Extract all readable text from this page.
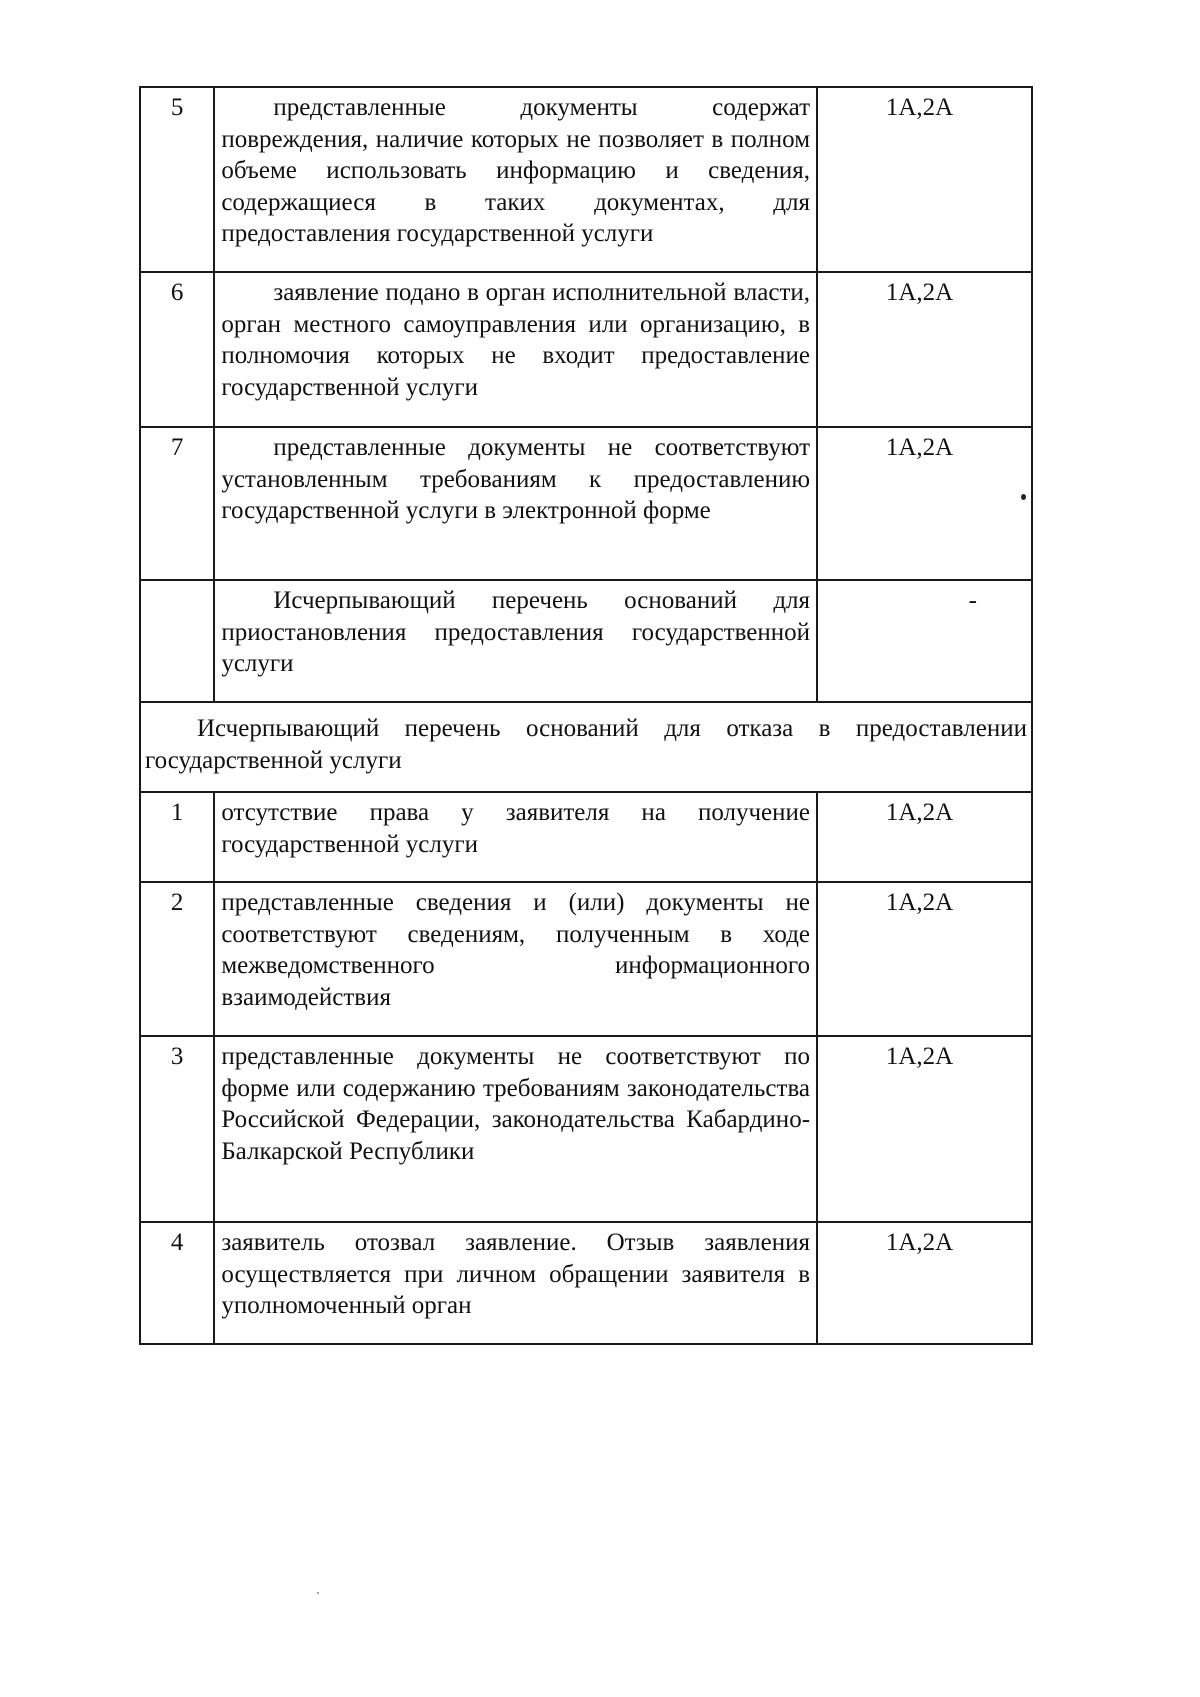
5	представленные документы содержат повреждения, наличие которых не позволяет в полном объеме использовать информацию и сведения, содержащиеся в таких документах, для предоставления государственной услуги	1А,2А
6	заявление подано в орган исполнительной власти, орган местного самоуправления или организацию, в полномочия которых не входит предоставление государственной услуги	1А,2А
7	представленные документы не соответствуют установленным требованиям к предоставлению государственной услуги в электронной форме	1А,2А
	Исчерпывающий перечень оснований для приостановления предоставления государственной услуги	-
Исчерпывающий перечень оснований для отказа в предоставлении государственной услуги		
1	отсутствие права у заявителя на получение государственной услуги	1А,2А
2	представленные сведения и (или) документы не соответствуют сведениям, полученным в ходе межведомственного информационного взаимодействия	1А,2А
3	представленные документы не соответствуют по форме или содержанию требованиям законодательства Российской Федерации, законодательства Кабардино-Балкарской Республики	1А,2А
4	заявитель отозвал заявление. Отзыв заявления осуществляется при личном обращении заявителя в уполномоченный орган	1А,2А
